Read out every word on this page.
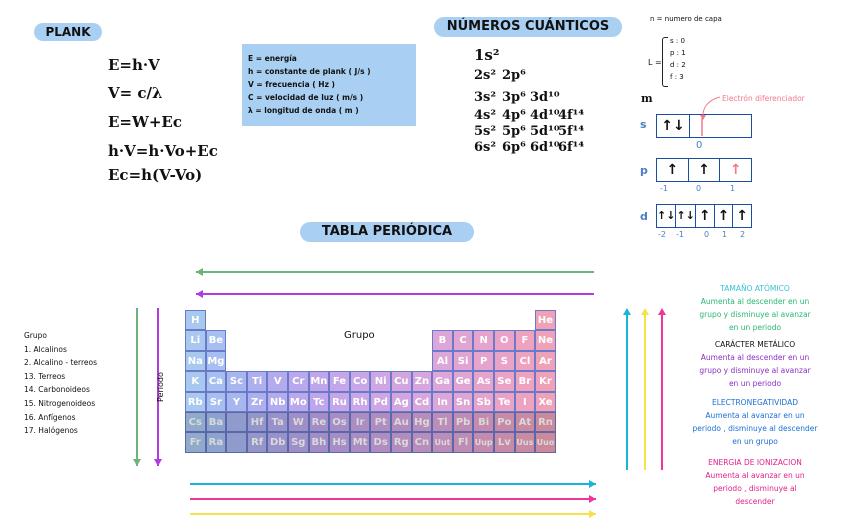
PLANK	NÚMEROS CUÁNTICOS
TABLA PERIÓDICA
E=h·V
V= c/λ
E=W+Ec
h·V=h·Vo+Ec
Ec=h(V-Vo)
E = energía
h = constante de plank ( J/s )
V = frecuencia ( Hz )
C = velocidad de luz ( m/s )
λ = longitud de onda ( m )
1s²
2s² 2p⁶
3s² 3p⁶ 3d¹⁰
4s² 4p⁶ 4d¹⁰
4f¹⁴
5s² 5p⁶ 5d¹⁰
5f¹⁴
6s² 6p⁶ 6d¹⁰
6f¹⁴
n = numero de capa
L =
s : 0
p : 1
d : 2
f : 3
m	Electrón diferenciador
s	↑↓
0
p	↑	↑	↑
-1	0	1
d ↑↓ ↑↓ ↑ ↑ ↑
-2 -1	0 1 2
Grupo
1. Alcalinos
2. Alcalino - terreos
13. Terreos
14. Carbonoideos
15. Nitrogenoideos
16. Anfígenos
17. Halógenos
H	He
Li Be	B	C	N	O	F Ne
Na Mg	Al Si	P	S	Cl Ar
K Ca Sc Ti	V	Cr Mn Fe Co Ni Cu Zn Ga Ge As Se Br Kr
Rb Sr	Y	Zr Nb Mo Tc Ru Rh Pd Ag Cd In Sn Sb Te	I	Xe
Cs Ba	Hf Ta W Re Os Ir	Pt Au Hg Tl Pb Bi Po At Rn
Fr Ra	Rf Db Sg Bh Hs Mt Ds Rg Cn Uut Fl Uup Lv Uus Uuo
Grupo
Periodo
TAMAÑO ATÓMICO
Aumenta al descender en un
grupo y disminuye al avanzar
en un periodo
CARÁCTER METÁLICO
Aumenta al descender en un
grupo y disminuye al avanzar
en un periodo
ELECTRONEGATIVIDAD
Aumenta al avanzar en un
periodo , disminuye al descender
en un grupo
ENERGIA DE IONIZACION
Aumenta al avanzar en un
periodo , disminuye al
descender
